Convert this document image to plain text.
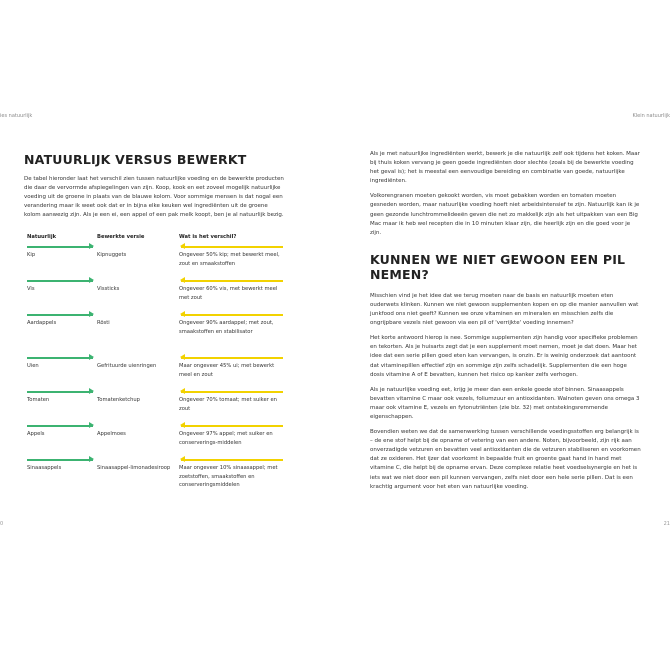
ies natuurlijk	Klein natuurlijk
NATUURLIJK VERSUS BEWERKT

De tabel hieronder laat het verschil zien tussen natuurlijke voeding en de bewerkte producten die daar de vervormde afspiegelingen van zijn. Koop, kook en eet zoveel mogelijk natuurlijke voeding uit de groene in plaats van de blauwe kolom. Voor sommige mensen is dat nogal een verandering maar ik weet ook dat er in bijna elke keuken wel ingrediënten uit de groene kolom aanwezig zijn. Als je een ei, een appel of een pak melk koopt, ben je al natuurlijk bezig.

Natuurlijk	Bewerkte versie	Wat is het verschil?
Kip	Kipnuggets	Ongeveer 50% kip; met bewerkt meel, zout en smaakstoffen
Vis	Vissticks	Ongeveer 60% vis, met bewerkt meel met zout
Aardappels	Rösti	Ongeveer 90% aardappel; met zout, smaakstoffen en stabilisator
Uien	Gefrituurde uienringen	Maar ongeveer 45% ui; met bewerkt meel en zout
Tomaten	Tomatenketchup	Ongeveer 70% tomaat; met suiker en zout
Appels	Appelmoes	Ongeveer 97% appel; met suiker en conserverings-middelen
Sinaasappels	Sinaasappel-limonadesiroop	Maar ongeveer 10% sinaasappel; met zoetstoffen, smaakstoffen en conserveringsmiddelen

Als je met natuurlijke ingrediënten werkt, bewerk je die natuurlijk zelf ook tijdens het koken. Maar bij thuis koken vervang je geen goede ingrediënten door slechte (zoals bij de bewerkte voeding het geval is); het is meestal een eenvoudige bereiding en combinatie van goede, natuurlijke ingrediënten.

Volkorengranen moeten gekookt worden, vis moet gebakken worden en tomaten moeten gesneden worden, maar natuurlijke voeding hoeft niet arbeidsintensief te zijn. Natuurlijk kan ik je geen gezonde lunchtrommelideeën geven die net zo makkelijk zijn als het uitpakken van een Big Mac maar ik heb wel recepten die in 10 minuten klaar zijn, die heerlijk zijn en die goed voor je zijn.

KUNNEN WE NIET GEWOON EEN PIL NEMEN?

Misschien vind je het idee dat we terug moeten naar de basis en natuurlijk moeten eten ouderwets klinken. Kunnen we niet gewoon supplementen kopen en op die manier aanvullen wat junkfood ons niet geeft? Kunnen we onze vitaminen en mineralen en misschien zelfs die ongrijpbare vezels niet gewoon via een pil of 'verrijkte' voeding innemen?

Het korte antwoord hierop is nee. Sommige supplementen zijn handig voor specifieke problemen en tekorten. Als je huisarts zegt dat je een supplement moet nemen, moet je dat doen. Maar het idee dat een serie pillen goed eten kan vervangen, is onzin. Er is weinig onderzoek dat aantoont dat vitaminepillen effectief zijn en sommige zijn zelfs schadelijk. Supplementen die een hoge dosis vitamine A of E bevatten, kunnen het risico op kanker zelfs verhogen.

Als je natuurlijke voeding eet, krijg je meer dan een enkele goede stof binnen. Sinaasappels bevatten vitamine C maar ook vezels, foliumzuur en antioxidanten. Walnoten geven ons omega 3 maar ook vitamine E, vezels en fytonutriënten (zie blz. 32) met ontstekingsremmende eigenschappen.

Bovendien weten we dat de samenwerking tussen verschillende voedingsstoffen erg belangrijk is – de ene stof helpt bij de opname of vetering van een andere. Noten, bijvoorbeeld, zijn rijk aan onverzadigde vetzuren en bevatten veel antioxidanten die de vetzuren stabiliseren en voorkomen dat ze oxideren. Het ijzer dat voorkomt in bepaalde fruit en groente gaat hand in hand met vitamine C, die helpt bij de opname ervan. Deze complexe relatie heet voedselsynergie en het is iets wat we niet door een pil kunnen vervangen, zelfs niet door een hele serie pillen. Dat is een krachtig argument voor het eten van natuurlijke voeding.

0	21
